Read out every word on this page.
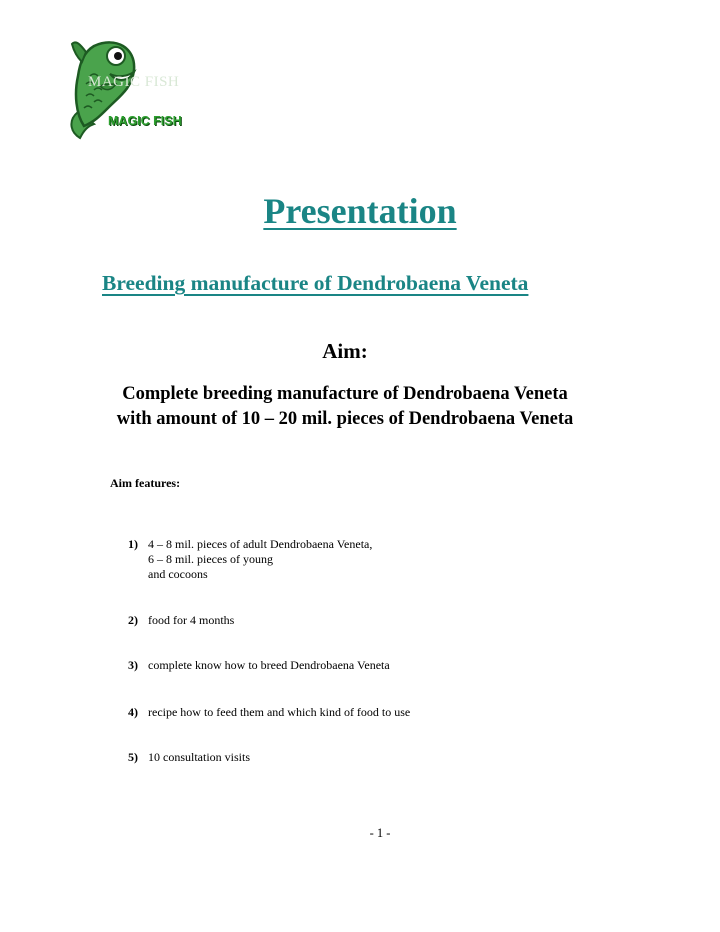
MAGIC FISH
MAGIC FISH
Presentation
Breeding manufacture of Dendrobaena Veneta
Aim:
Complete breeding manufacture of Dendrobaena Veneta
with amount of 10 – 20 mil. pieces of Dendrobaena Veneta
Aim features:
1) 4 – 8 mil. pieces of adult Dendrobaena Veneta,
6 – 8 mil. pieces of young
and cocoons
2) food for 4 months
3) complete know how to breed Dendrobaena Veneta
4) recipe how to feed them and which kind of food to use
5) 10 consultation visits
- 1 -
